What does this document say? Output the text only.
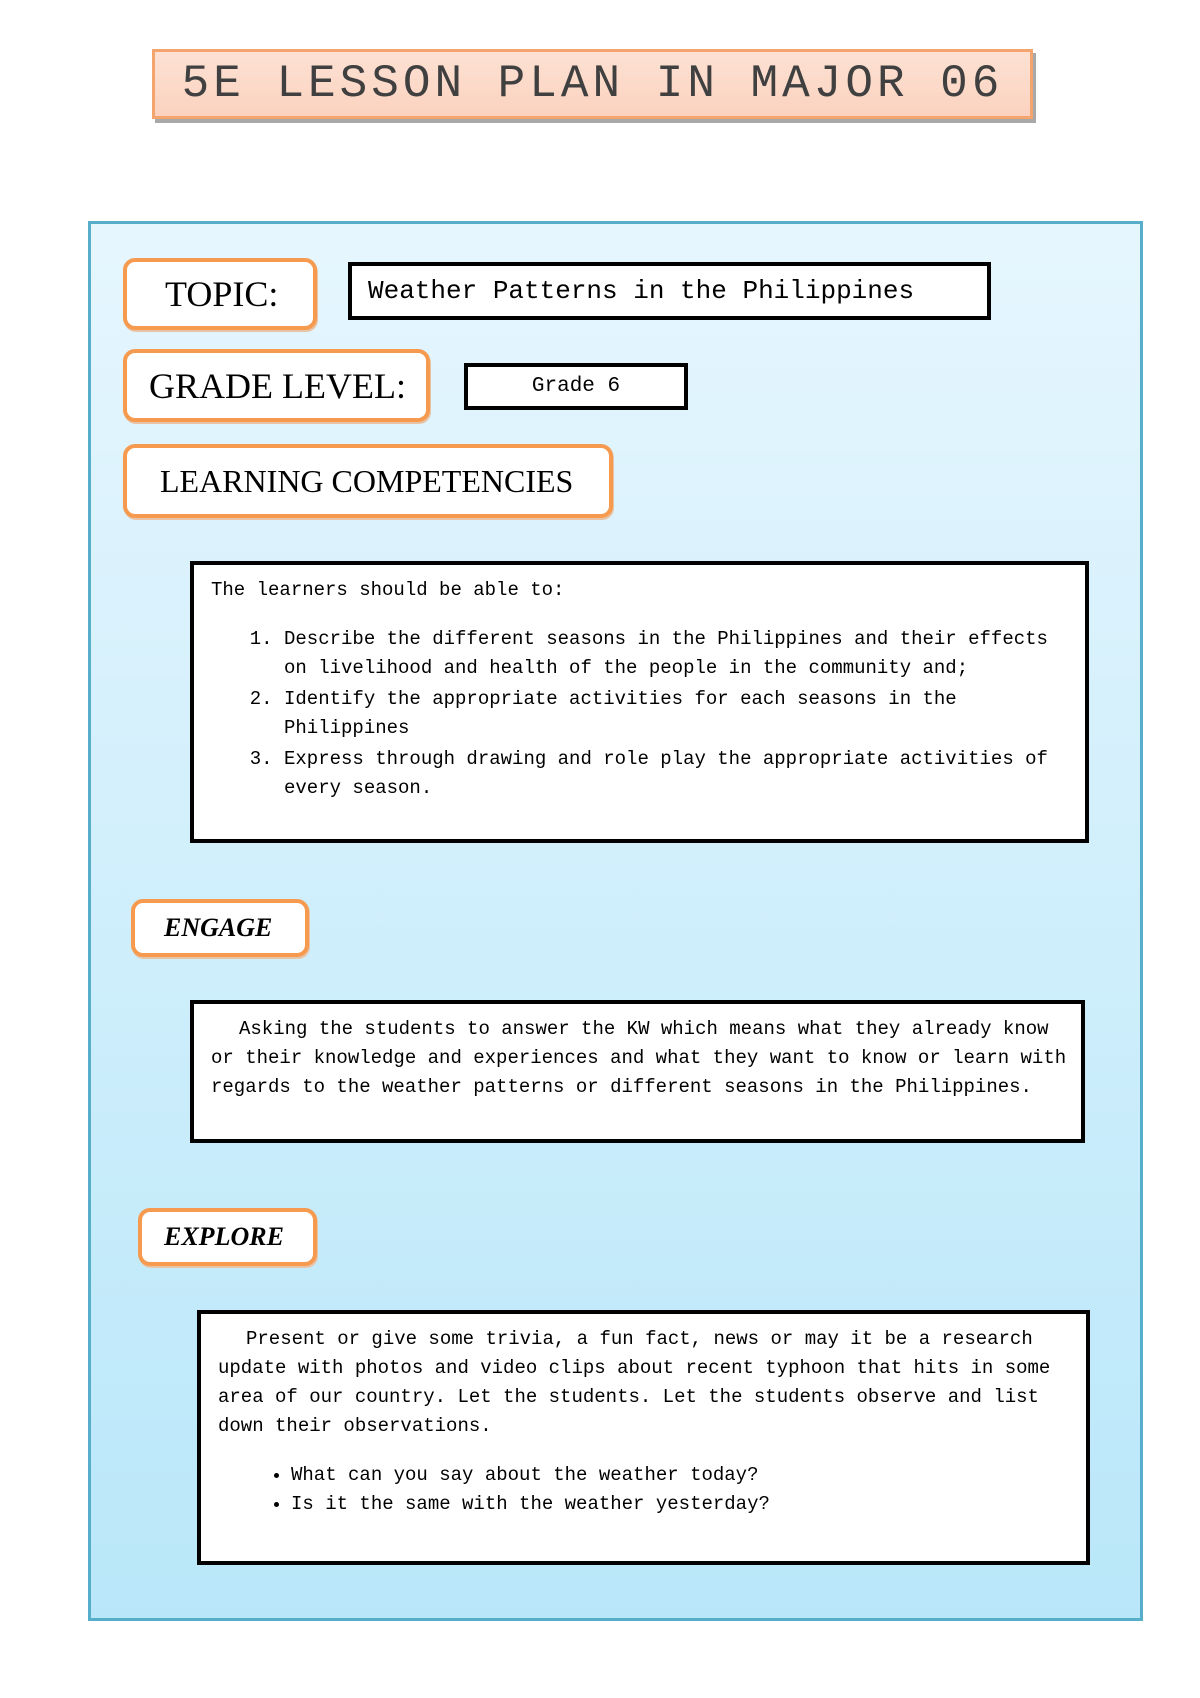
5E LESSON PLAN IN MAJOR 06
TOPIC:	Weather Patterns in the Philippines
GRADE LEVEL:	Grade 6
LEARNING COMPETENCIES

The learners should be able to:

1. Describe the different seasons in the Philippines and their effects on livelihood and health of the people in the community and;
2. Identify the appropriate activities for each seasons in the Philippines
3. Express through drawing and role play the appropriate activities of every season.
ENGAGE

Asking the students to answer the KW which means what they already know or their knowledge and experiences and what they want to know or learn with regards to the weather patterns or different seasons in the Philippines.

EXPLORE

Present or give some trivia, a fun fact, news or may it be a research update with photos and video clips about recent typhoon that hits in some area of our country. Let the students. Let the students observe and list down their observations.

• What can you say about the weather today?
• Is it the same with the weather yesterday?
